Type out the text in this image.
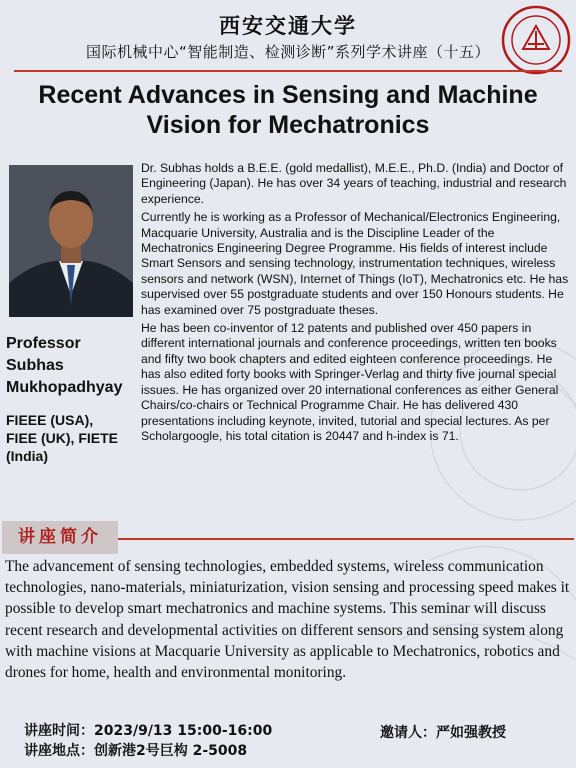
西安交通大学
国际机械中心“智能制造、检测诊断”系列学术讲座（十五）
Recent Advances in Sensing and Machine
Vision for Mechatronics
Professor
Subhas
Mukhopadhyay
FIEEE (USA),
FIEE (UK), FIETE
(India)

Dr. Subhas holds a B.E.E. (gold medallist), M.E.E., Ph.D. (India) and Doctor of Engineering (Japan). He has over 34 years of teaching, industrial and research experience.

Currently he is working as a Professor of Mechanical/Electronics Engineering, Macquarie University, Australia and is the Discipline Leader of the Mechatronics Engineering Degree Programme. His fields of interest include Smart Sensors and sensing technology, instrumentation techniques, wireless sensors and network (WSN), Internet of Things (IoT), Mechatronics etc. He has supervised over 55 postgraduate students and over 150 Honours students. He has examined over 75 postgraduate theses.

He has been co-inventor of 12 patents and published over 450 papers in different international journals and conference proceedings, written ten books and fifty two book chapters and edited eighteen conference proceedings. He has also edited forty books with Springer-Verlag and thirty five journal special issues. He has organized over 20 international conferences as either General Chairs/co-chairs or Technical Programme Chair. He has delivered 430 presentations including keynote, invited, tutorial and special lectures. As per Scholargoogle, his total citation is 20447 and h-index is 71.

讲座简介
The advancement of sensing technologies, embedded systems, wireless communication technologies, nano-materials, miniaturization, vision sensing and processing speed makes it possible to develop smart mechatronics and machine systems. This seminar will discuss recent research and developmental activities on different sensors and sensing system along with machine visions at Macquarie University as applicable to Mechatronics, robotics and drones for home, health and environmental monitoring.
讲座时间：2023/9/13 15:00-16:00
讲座地点：创新港2号巨构 2-5008
邀请人：严如强教授
